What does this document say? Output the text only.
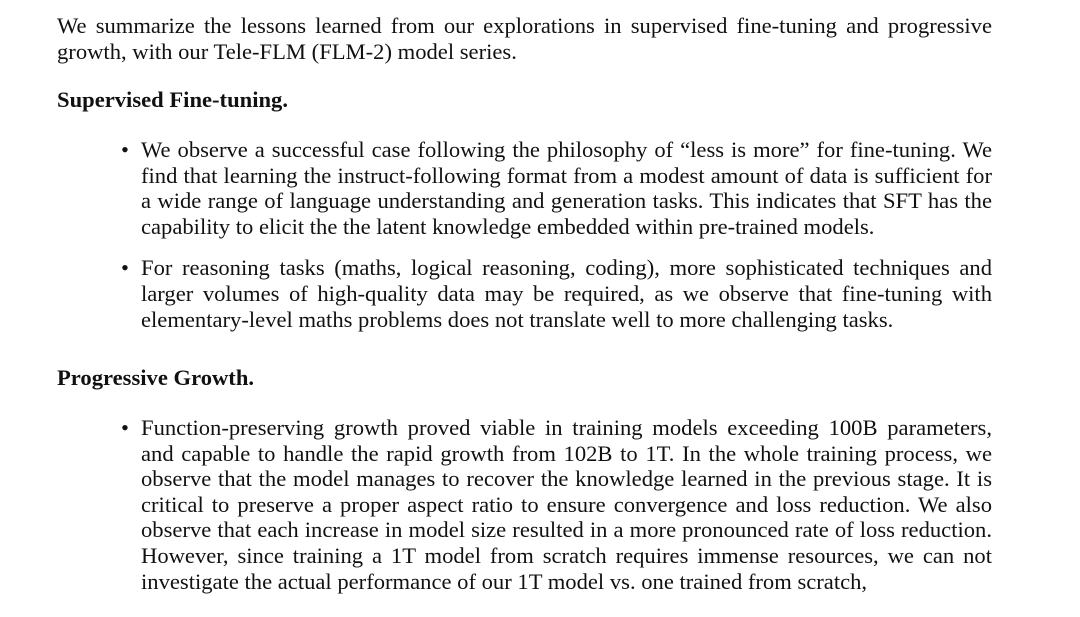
We summarize the lessons learned from our explorations in supervised fine-tuning and progressive growth, with our Tele-FLM (FLM-2) model series.

Supervised Fine-tuning.

• We observe a successful case following the philosophy of “less is more” for fine-tuning. We find that learning the instruct-following format from a modest amount of data is sufficient for a wide range of language understanding and generation tasks. This indicates that SFT has the capability to elicit the the latent knowledge embedded within pre-trained models.
• For reasoning tasks (maths, logical reasoning, coding), more sophisticated techniques and larger volumes of high-quality data may be required, as we observe that fine-tuning with elementary-level maths problems does not translate well to more challenging tasks.

Progressive Growth.

• Function-preserving growth proved viable in training models exceeding 100B parameters, and capable to handle the rapid growth from 102B to 1T. In the whole training process, we observe that the model manages to recover the knowledge learned in the previous stage. It is critical to preserve a proper aspect ratio to ensure convergence and loss reduction. We also observe that each increase in model size resulted in a more pronounced rate of loss reduction. However, since training a 1T model from scratch requires immense resources, we can not investigate the actual performance of our 1T model vs. one trained from scratch,
